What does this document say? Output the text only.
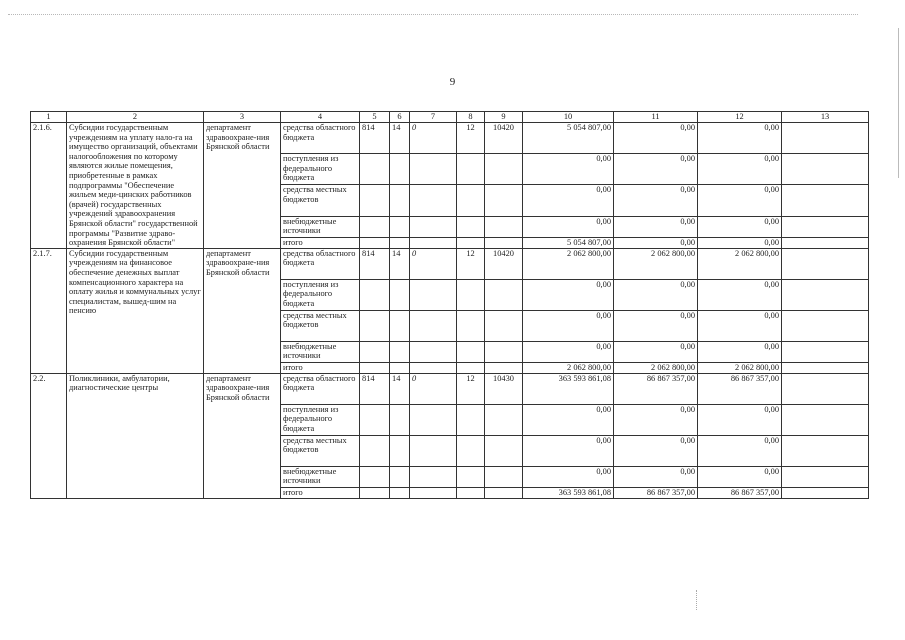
9
1	2	3	4	5	6	7	8	9	10	11	12	13
2.1.6.	Субсидии государственным учреждениям на уплату нало-га на имущество организаций, объектами налогообложения по которому являются жилые помещения, приобретенные в рамках подпрограммы "Обеспечение жильем меди-цинских работников (врачей) государственных учреждений здравоохранения Брянской области" государственной программы "Развитие здраво-охранения Брянской области"	департамент здравоохране-ния Брянской области	средства областного бюджета	814	14	0	12	10420	5 054 807,00	0,00	0,00	
			поступления из федерального бюджета						0,00	0,00	0,00	
			средства местных бюджетов						0,00	0,00	0,00	
			внебюджетные источники						0,00	0,00	0,00	
			итого						5 054 807,00	0,00	0,00	
2.1.7.	Субсидии государственным учреждениям на финансовое обеспечение денежных выплат компенсационного характера на оплату жилья и коммунальных услуг специалистам, вышед-шим на пенсию	департамент здравоохране-ния Брянской области	средства областного бюджета	814	14	0	12	10420	2 062 800,00	2 062 800,00	2 062 800,00	
			поступления из федерального бюджета						0,00	0,00	0,00	
			средства местных бюджетов						0,00	0,00	0,00	
			внебюджетные источники						0,00	0,00	0,00	
			итого						2 062 800,00	2 062 800,00	2 062 800,00	
2.2.	Поликлиники, амбулатории, диагностические центры	департамент здравоохране-ния Брянской области	средства областного бюджета	814	14	0	12	10430	363 593 861,08	86 867 357,00	86 867 357,00	
			поступления из федерального бюджета						0,00	0,00	0,00	
			средства местных бюджетов						0,00	0,00	0,00	
			внебюджетные источники						0,00	0,00	0,00	
			итого						363 593 861,08	86 867 357,00	86 867 357,00	
